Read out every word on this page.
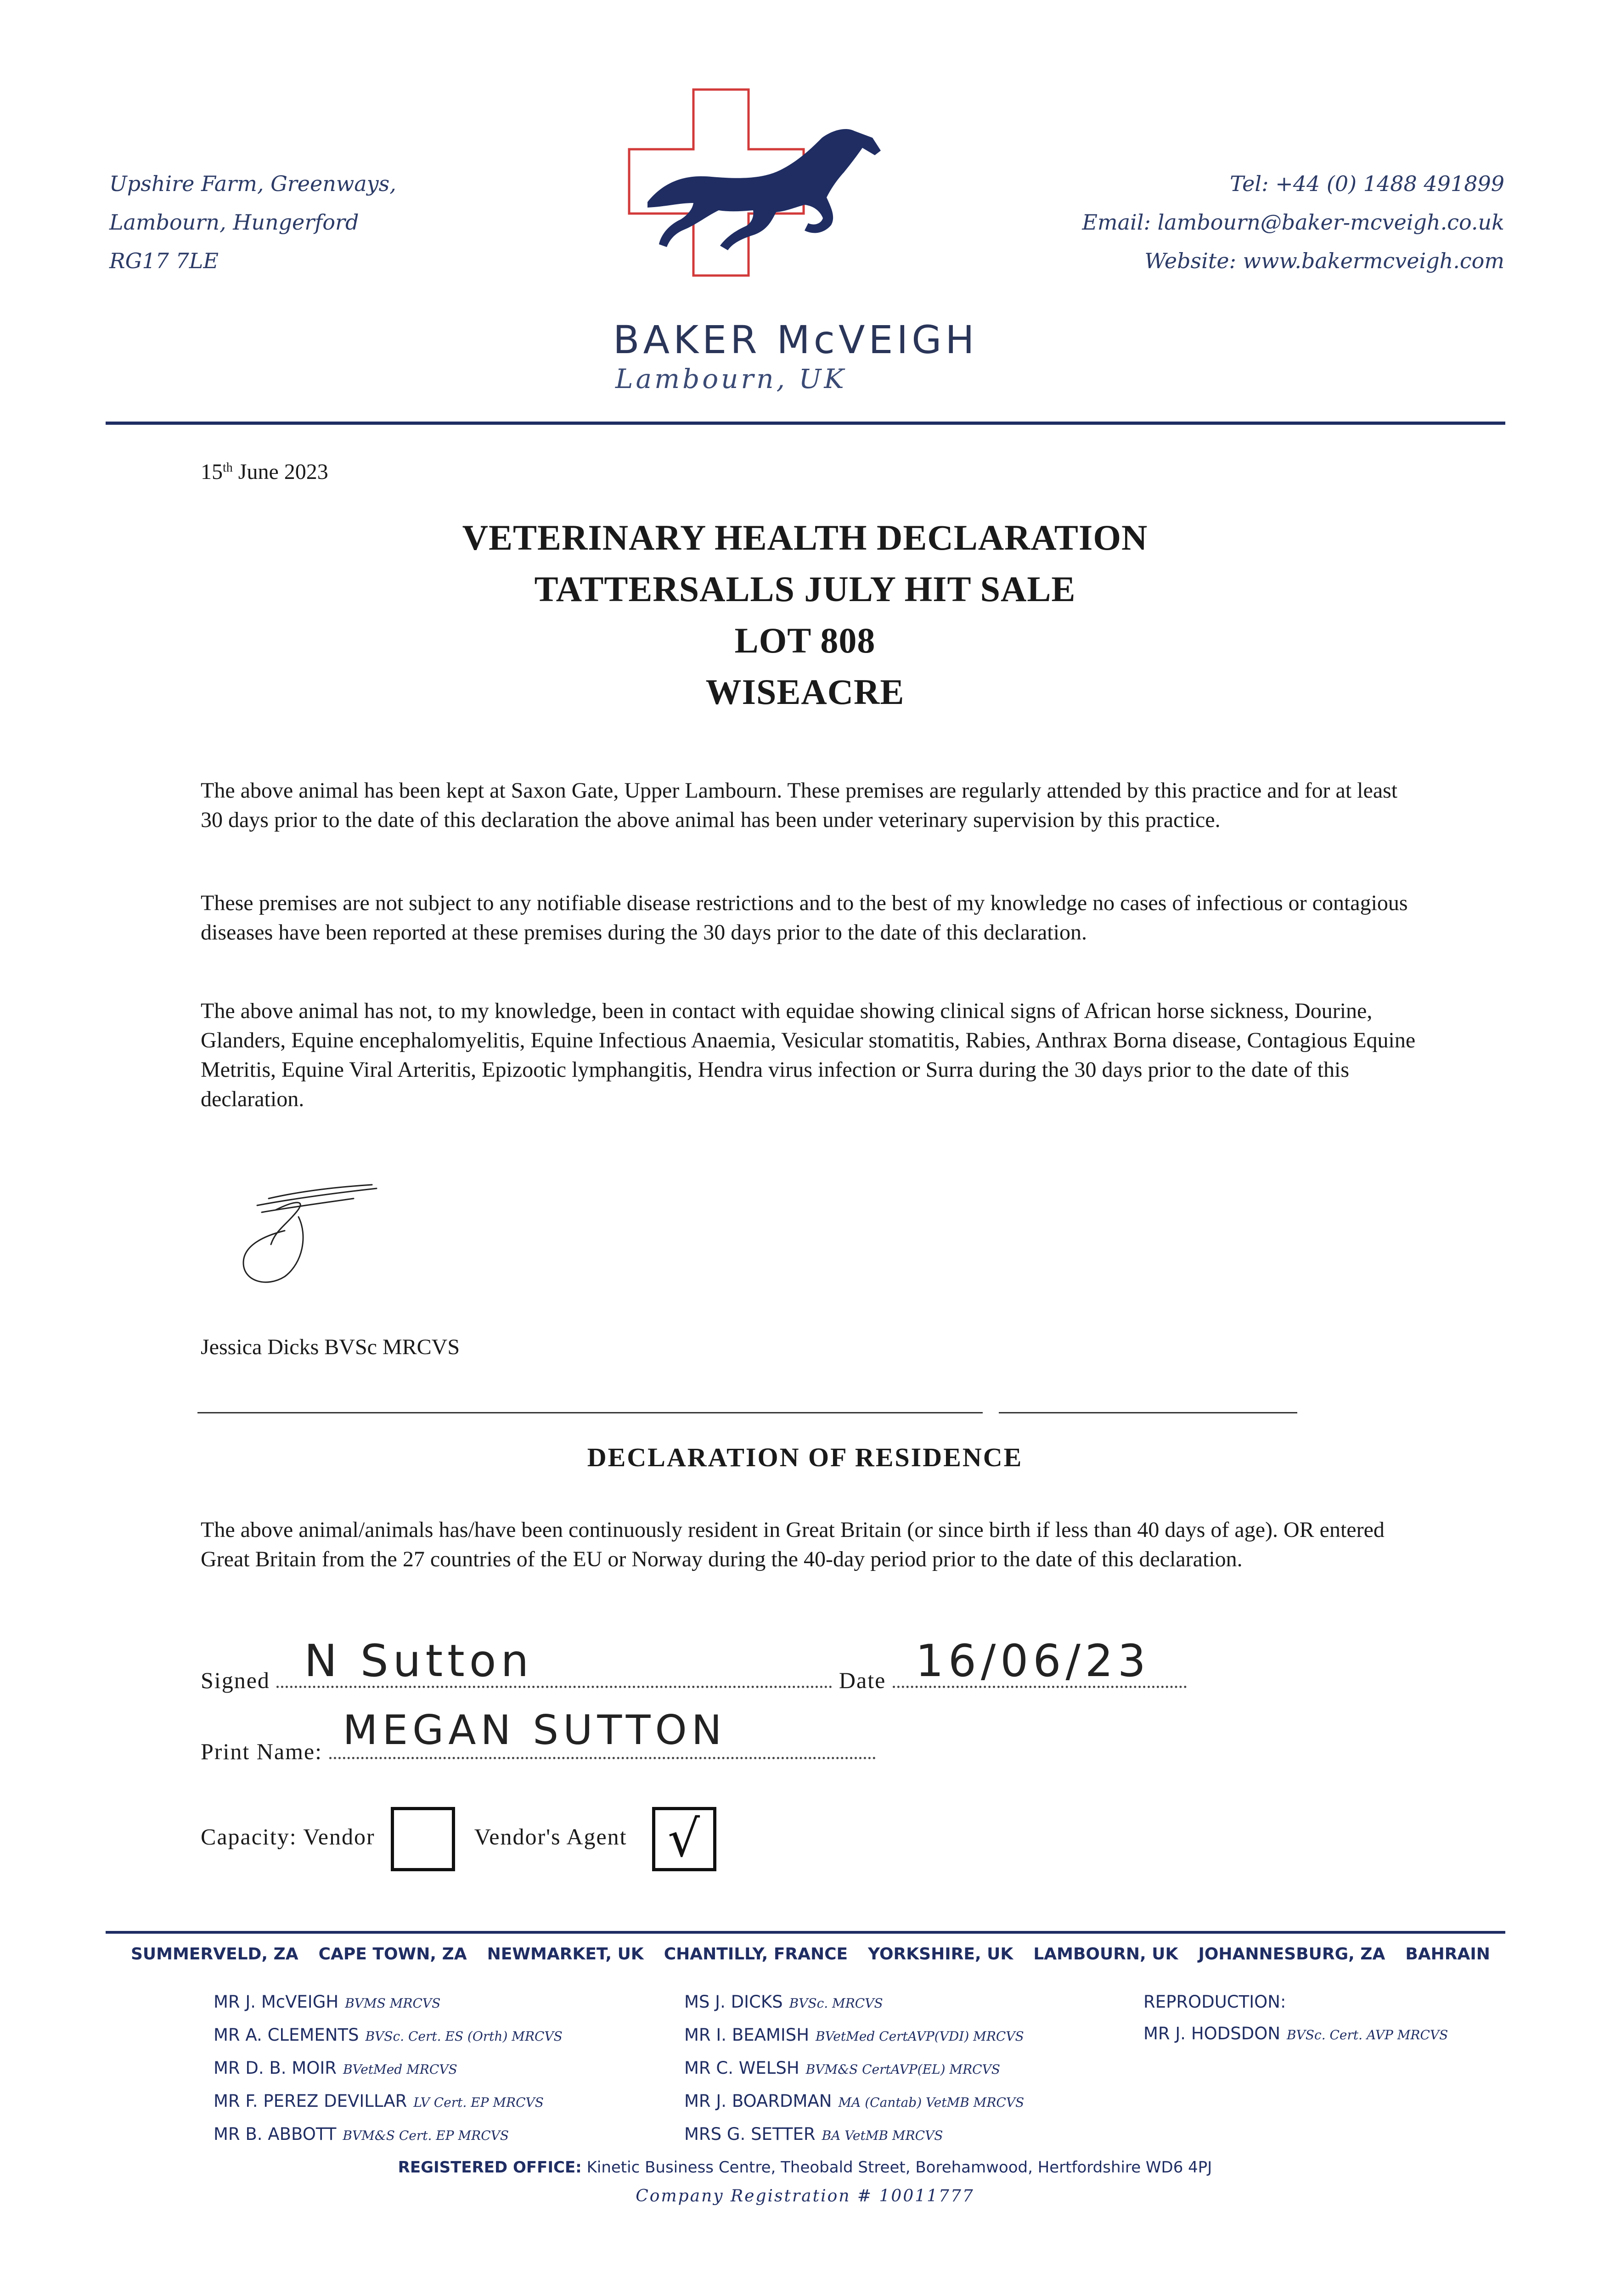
Upshire Farm, Greenways,
Lambourn, Hungerford
RG17 7LE
BAKER McVEIGH
Lambourn, UK
Tel: +44 (0) 1488 491899
Email: lambourn@baker-mcveigh.co.uk
Website: www.bakermcveigh.com
15th June 2023
VETERINARY HEALTH DECLARATION
TATTERSALLS JULY HIT SALE
LOT 808
WISEACRE
The above animal has been kept at Saxon Gate, Upper Lambourn. These premises are regularly attended by this practice and for at least 30 days prior to the date of this declaration the above animal has been under veterinary supervision by this practice.
These premises are not subject to any notifiable disease restrictions and to the best of my knowledge no cases of infectious or contagious diseases have been reported at these premises during the 30 days prior to the date of this declaration.
The above animal has not, to my knowledge, been in contact with equidae showing clinical signs of African horse sickness, Dourine, Glanders, Equine encephalomyelitis, Equine Infectious Anaemia, Vesicular stomatitis, Rabies, Anthrax Borna disease, Contagious Equine Metritis, Equine Viral Arteritis, Epizootic lymphangitis, Hendra virus infection or Surra during the 30 days prior to the date of this declaration.
Jessica Dicks BVSc MRCVS
DECLARATION OF RESIDENCE
The above animal/animals has/have been continuously resident in Great Britain (or since birth if less than 40 days of age). OR entered Great Britain from the 27 countries of the EU or Norway during the 40-day period prior to the date of this declaration.
Signed N Sutton	Date 16/06/23
Print Name: MEGAN SUTTON
Capacity: Vendor	Vendor's Agent √
SUMMERVELD, ZA CAPE TOWN, ZA NEWMARKET, UK CHANTILLY, FRANCE YORKSHIRE, UK LAMBOURN, UK JOHANNESBURG, ZA BAHRAIN
MR J. McVEIGH BVMS MRCVS
MR A. CLEMENTS BVSc. Cert. ES (Orth) MRCVS
MR D. B. MOIR BVetMed MRCVS
MR F. PEREZ DEVILLAR LV Cert. EP MRCVS
MR B. ABBOTT BVM&S Cert. EP MRCVS
MS J. DICKS BVSc. MRCVS
MR I. BEAMISH BVetMed CertAVP(VDI) MRCVS
MR C. WELSH BVM&S CertAVP(EL) MRCVS
MR J. BOARDMAN MA (Cantab) VetMB MRCVS
MRS G. SETTER BA VetMB MRCVS
REPRODUCTION:
MR J. HODSDON BVSc. Cert. AVP MRCVS
REGISTERED OFFICE: Kinetic Business Centre, Theobald Street, Borehamwood, Hertfordshire WD6 4PJ
Company Registration # 10011777
